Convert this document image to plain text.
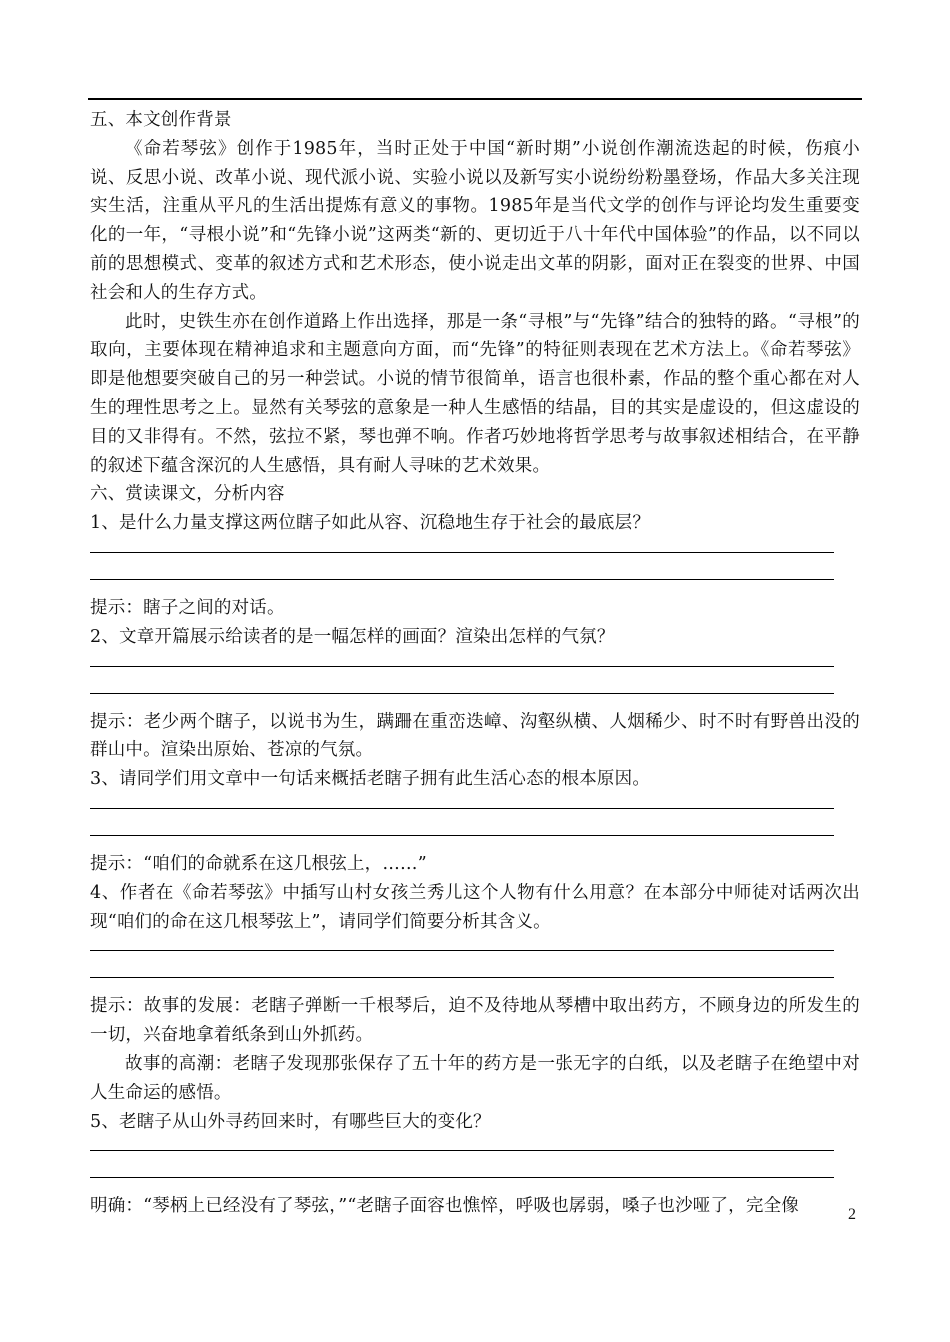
五、本文创作背景

《命若琴弦》创作于1985年，当时正处于中国“新时期”小说创作潮流迭起的时候，伤痕小说、反思小说、改革小说、现代派小说、实验小说以及新写实小说纷纷粉墨登场，作品大多关注现实生活，注重从平凡的生活出提炼有意义的事物。1985年是当代文学的创作与评论均发生重要变化的一年，“寻根小说”和“先锋小说”这两类“新的、更切近于八十年代中国体验”的作品，以不同以前的思想模式、变革的叙述方式和艺术形态，使小说走出文革的阴影，面对正在裂变的世界、中国社会和人的生存方式。

此时，史铁生亦在创作道路上作出选择，那是一条“寻根”与“先锋”结合的独特的路。“寻根”的取向，主要体现在精神追求和主题意向方面，而“先锋”的特征则表现在艺术方法上。《命若琴弦》即是他想要突破自己的另一种尝试。小说的情节很简单，语言也很朴素，作品的整个重心都在对人生的理性思考之上。显然有关琴弦的意象是一种人生感悟的结晶，目的其实是虚设的，但这虚设的目的又非得有。不然，弦拉不紧，琴也弹不响。作者巧妙地将哲学思考与故事叙述相结合，在平静的叙述下蕴含深沉的人生感悟，具有耐人寻味的艺术效果。

六、赏读课文，分析内容

1、是什么力量支撑这两位瞎子如此从容、沉稳地生存于社会的最底层？

提示：瞎子之间的对话。

2、文章开篇展示给读者的是一幅怎样的画面？渲染出怎样的气氛？

提示：老少两个瞎子，以说书为生，蹒跚在重峦迭嶂、沟壑纵横、人烟稀少、时不时有野兽出没的群山中。渲染出原始、苍凉的气氛。

3、请同学们用文章中一句话来概括老瞎子拥有此生活心态的根本原因。

提示：“咱们的命就系在这几根弦上，……”

4、作者在《命若琴弦》中插写山村女孩兰秀儿这个人物有什么用意？在本部分中师徒对话两次出现“咱们的命在这几根琴弦上”，请同学们简要分析其含义。

提示：故事的发展：老瞎子弹断一千根琴后，迫不及待地从琴槽中取出药方，不顾身边的所发生的一切，兴奋地拿着纸条到山外抓药。

故事的高潮：老瞎子发现那张保存了五十年的药方是一张无字的白纸，以及老瞎子在绝望中对人生命运的感悟。

5、老瞎子从山外寻药回来时，有哪些巨大的变化？

明确：“琴柄上已经没有了琴弦，”“老瞎子面容也憔悴，呼吸也孱弱，嗓子也沙哑了，完全像	2
